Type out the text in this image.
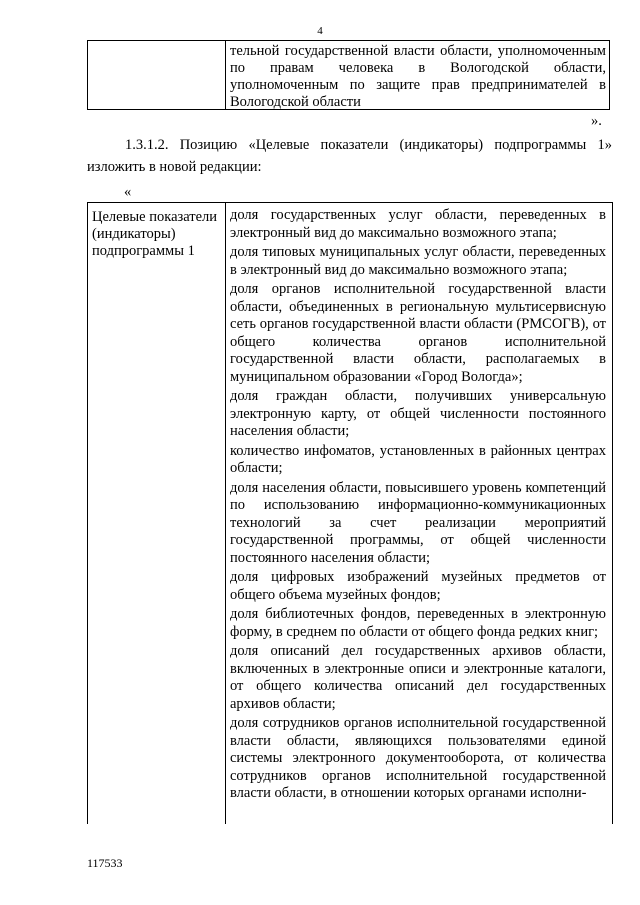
4
тельной государственной власти области, уполномоченным по правам человека в Вологодской области, уполномоченным по защите прав предпринимателей в Вологодской области
».
1.3.1.2. Позицию «Целевые показатели (индикаторы) подпрограммы 1» изложить в новой редакции:
«
Целевые показатели (индикаторы) подпрограммы 1
доля государственных услуг области, переведенных в электронный вид до максимально возможного этапа;
доля типовых муниципальных услуг области, переведенных в электронный вид до максимально возможного этапа;
доля органов исполнительной государственной власти области, объединенных в региональную мультисервисную сеть органов государственной власти области (РМСОГВ), от общего количества органов исполнительной государственной власти области, располагаемых в муниципальном образовании «Город Вологда»;
доля граждан области, получивших универсальную электронную карту, от общей численности постоянного населения области;
количество инфоматов, установленных в районных центрах области;
доля населения области, повысившего уровень компетенций по использованию информационно-коммуникационных технологий за счет реализации мероприятий государственной программы, от общей численности постоянного населения области;
доля цифровых изображений музейных предметов от общего объема музейных фондов;
доля библиотечных фондов, переведенных в электронную форму, в среднем по области от общего фонда редких книг;
доля описаний дел государственных архивов области, включенных в электронные описи и электронные каталоги, от общего количества описаний дел государственных архивов области;
доля сотрудников органов исполнительной государственной власти области, являющихся пользователями единой системы электронного документооборота, от количества сотрудников органов исполнительной государственной власти области, в отношении которых органами исполни-
117533
